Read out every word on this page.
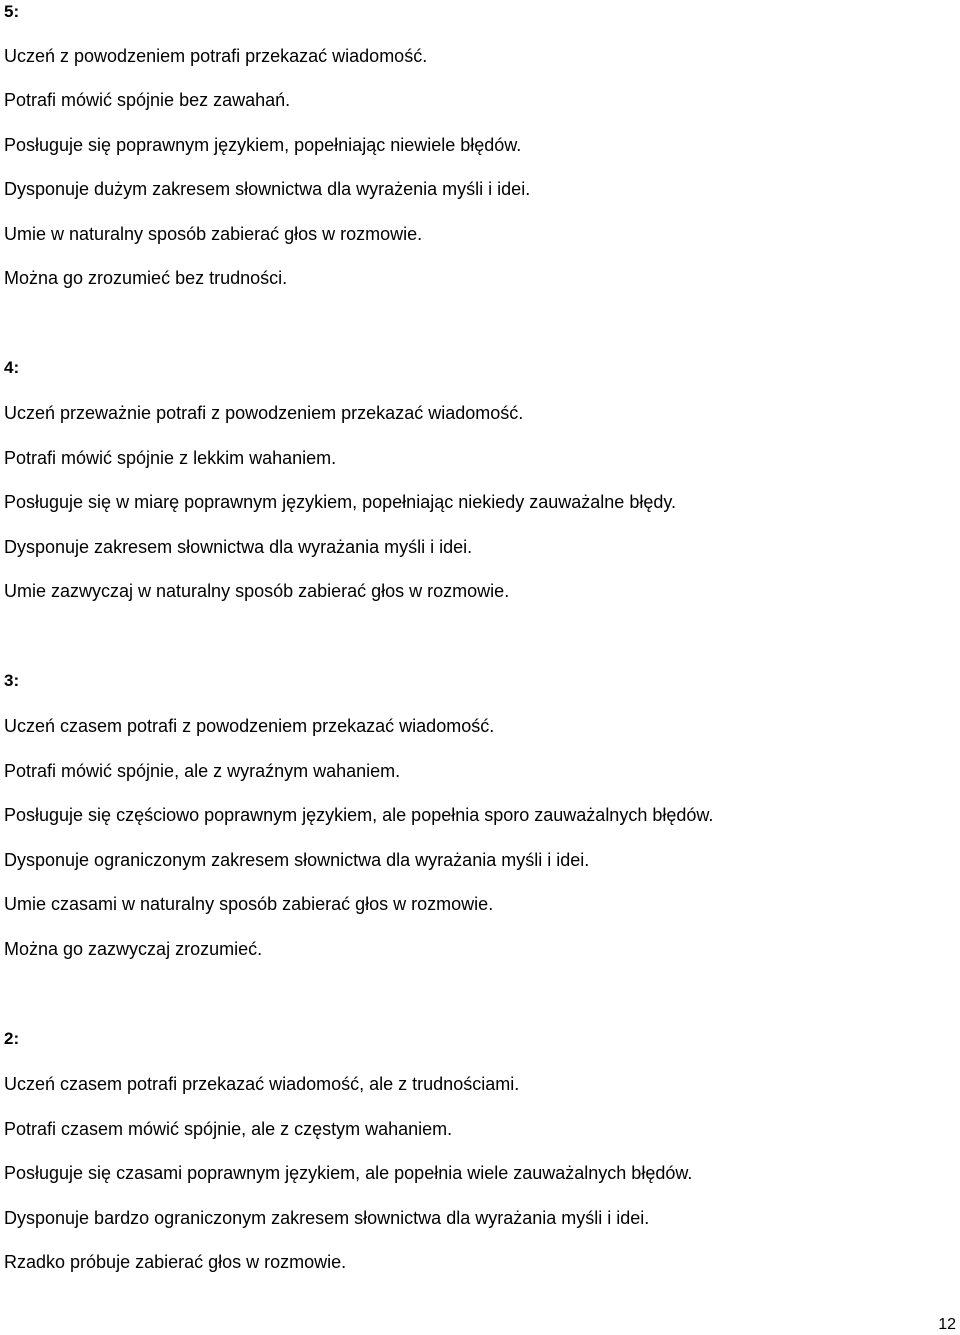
5:

Uczeń z powodzeniem potrafi przekazać wiadomość.

Potrafi mówić spójnie bez zawahań.

Posługuje się poprawnym językiem, popełniając niewiele błędów.

Dysponuje dużym zakresem słownictwa dla wyrażenia myśli i idei.

Umie w naturalny sposób zabierać głos w rozmowie.

Można go zrozumieć bez trudności.

4:

Uczeń przeważnie potrafi z powodzeniem przekazać wiadomość.

Potrafi mówić spójnie z lekkim wahaniem.

Posługuje się w miarę poprawnym językiem, popełniając niekiedy zauważalne błędy.

Dysponuje zakresem słownictwa dla wyrażania myśli i idei.

Umie zazwyczaj w naturalny sposób zabierać głos w rozmowie.

3:

Uczeń czasem potrafi z powodzeniem przekazać wiadomość.

Potrafi mówić spójnie, ale z wyraźnym wahaniem.

Posługuje się częściowo poprawnym językiem, ale popełnia sporo zauważalnych błędów.

Dysponuje ograniczonym zakresem słownictwa dla wyrażania myśli i idei.

Umie czasami w naturalny sposób zabierać głos w rozmowie.

Można go zazwyczaj zrozumieć.

2:

Uczeń czasem potrafi przekazać wiadomość, ale z trudnościami.

Potrafi czasem mówić spójnie, ale z częstym wahaniem.

Posługuje się czasami poprawnym językiem, ale popełnia wiele zauważalnych błędów.

Dysponuje bardzo ograniczonym zakresem słownictwa dla wyrażania myśli i idei.

Rzadko próbuje zabierać głos w rozmowie.

12
